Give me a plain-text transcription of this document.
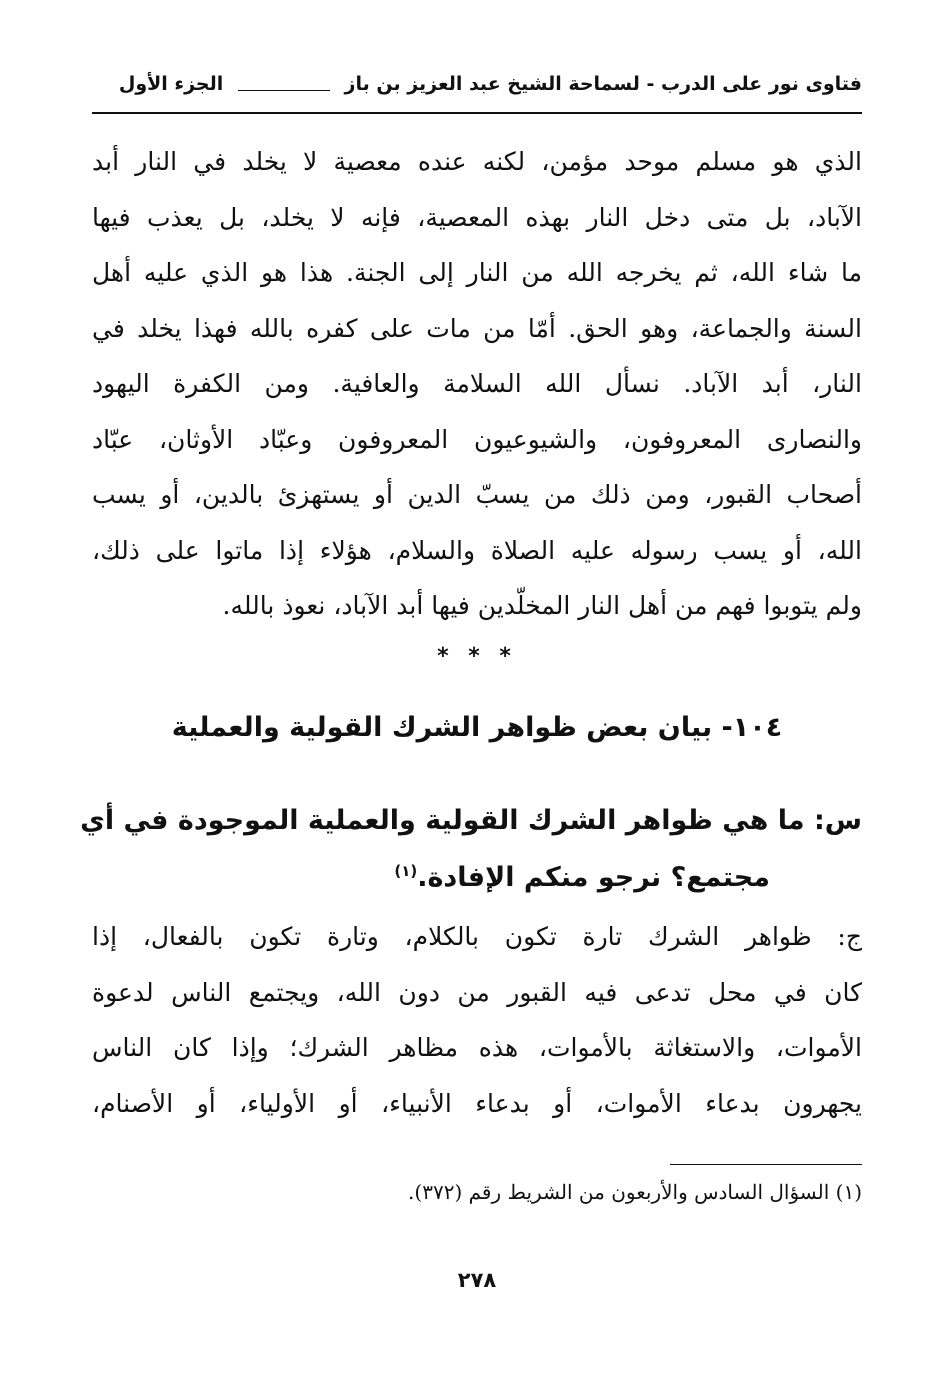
فتاوى نور على الدرب - لسماحة الشيخ عبد العزيز بن باز  الجزء الأول
الذي هو مسلم موحد مؤمن، لكنه عنده معصية لا يخلد في النار أبد
الآباد، بل متى دخل النار بهذه المعصية، فإنه لا يخلد، بل يعذب فيها
ما شاء الله، ثم يخرجه الله من النار إلى الجنة. هذا هو الذي عليه أهل
السنة والجماعة، وهو الحق. أمّا من مات على كفره بالله فهذا يخلد في
النار، أبد الآباد. نسأل الله السلامة والعافية. ومن الكفرة اليهود
والنصارى المعروفون، والشيوعيون المعروفون وعبّاد الأوثان، عبّاد
أصحاب القبور، ومن ذلك من يسبّ الدين أو يستهزئ بالدين، أو يسب
الله، أو يسب رسوله عليه الصلاة والسلام، هؤلاء إذا ماتوا على ذلك،
ولم يتوبوا فهم من أهل النار المخلّدين فيها أبد الآباد، نعوذ بالله.
* * *
١٠٤- بيان بعض ظواهر الشرك القولية والعملية
س: ما هي ظواهر الشرك القولية والعملية الموجودة في أي
مجتمع؟ نرجو منكم الإفادة.$^{(١)}$
ج: ظواهر الشرك تارة تكون بالكلام، وتارة تكون بالفعال، إذا
كان في محل تدعى فيه القبور من دون الله، ويجتمع الناس لدعوة
الأموات، والاستغاثة بالأموات، هذه مظاهر الشرك؛ وإذا كان الناس
يجهرون بدعاء الأموات، أو بدعاء الأنبياء، أو الأولياء، أو الأصنام،
(١) السؤال السادس والأربعون من الشريط رقم (٣٧٢).
٢٧٨
